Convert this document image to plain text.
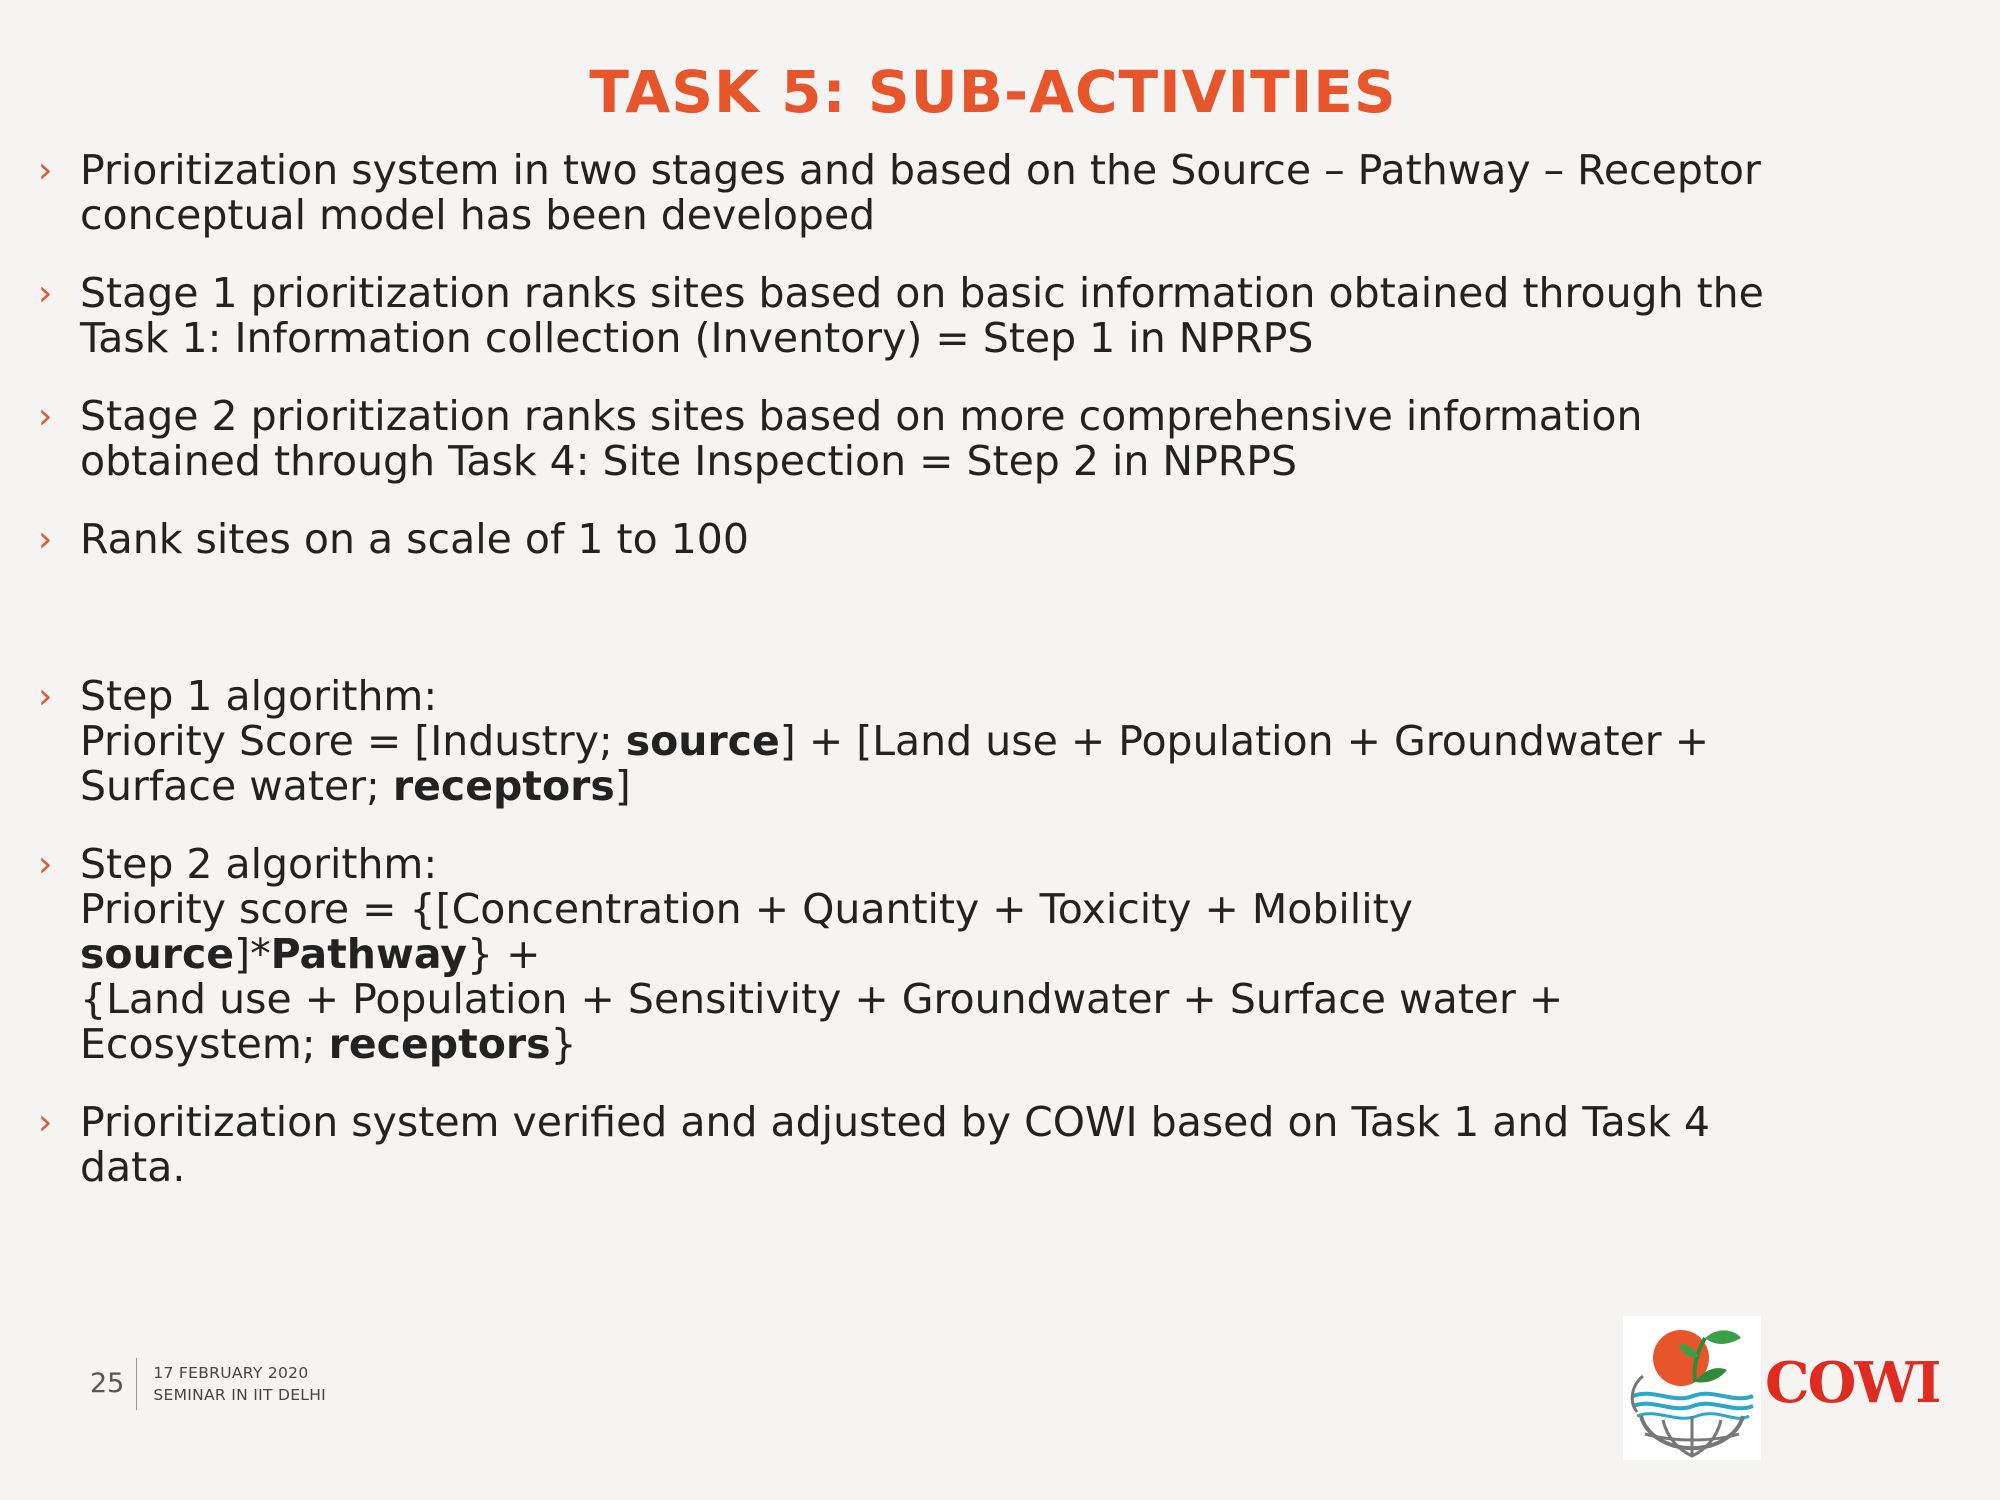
TASK 5: SUB-ACTIVITIES
› Prioritization system in two stages and based on the Source – Pathway – Receptor
conceptual model has been developed
› Stage 1 prioritization ranks sites based on basic information obtained through the
Task 1: Information collection (Inventory) = Step 1 in NPRPS
› Stage 2 prioritization ranks sites based on more comprehensive information
obtained through Task 4: Site Inspection = Step 2 in NPRPS
› Rank sites on a scale of 1 to 100
› Step 1 algorithm:
Priority Score = [Industry; source] + [Land use + Population + Groundwater +
Surface water; receptors]
› Step 2 algorithm:
Priority score = {[Concentration + Quantity + Toxicity + Mobility
source]*Pathway} +
{Land use + Population + Sensitivity + Groundwater + Surface water +
Ecosystem; receptors}
› Prioritization system verified and adjusted by COWI based on Task 1 and Task 4
data.
25	17 FEBRUARY 2020
SEMINAR IN IIT DELHI	COWI
